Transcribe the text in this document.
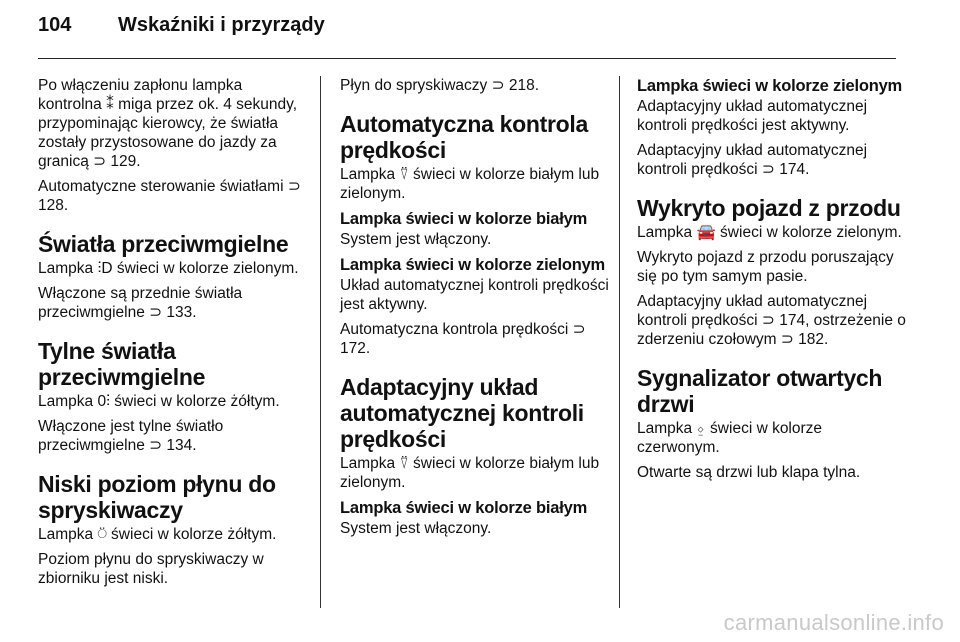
104 Wskaźniki i przyrządy

Po włączeniu zapłonu lampka kontrolna ⁑ miga przez ok. 4 sekundy, przypominając kierowcy, że światła zostały przystosowane do jazdy za granicą ⊃ 129.

Automatyczne sterowanie światłami ⊃ 128.

Światła przeciwmgielne

Lampka ⫶D świeci w kolorze zielonym.

Włączone są przednie światła przeciwmgielne ⊃ 133.

Tylne światła przeciwmgielne

Lampka 0⫶ świeci w kolorze żółtym.

Włączone jest tylne światło przeciwmgielne ⊃ 134.

Niski poziom płynu do spryskiwaczy

Lampka ⍥ świeci w kolorze żółtym.

Poziom płynu do spryskiwaczy w zbiorniku jest niski.

Płyn do spryskiwaczy ⊃ 218.

Automatyczna kontrola prędkości

Lampka ⍢ świeci w kolorze białym lub zielonym.

Lampka świeci w kolorze białym

System jest włączony.

Lampka świeci w kolorze zielonym

Układ automatycznej kontroli prędkości jest aktywny.

Automatyczna kontrola prędkości ⊃ 172.

Adaptacyjny układ automatycznej kontroli prędkości

Lampka ⍢ świeci w kolorze białym lub zielonym.

Lampka świeci w kolorze białym

System jest włączony.

Lampka świeci w kolorze zielonym

Adaptacyjny układ automatycznej kontroli prędkości jest aktywny.

Adaptacyjny układ automatycznej kontroli prędkości ⊃ 174.

Wykryto pojazd z przodu

Lampka 🚘 świeci w kolorze zielonym.

Wykryto pojazd z przodu poruszający się po tym samym pasie.

Adaptacyjny układ automatycznej kontroli prędkości ⊃ 174, ostrzeżenie o zderzeniu czołowym ⊃ 182.

Sygnalizator otwartych drzwi

Lampka ⍚ świeci w kolorze czerwonym.

Otwarte są drzwi lub klapa tylna.

carmanualsonline.info
